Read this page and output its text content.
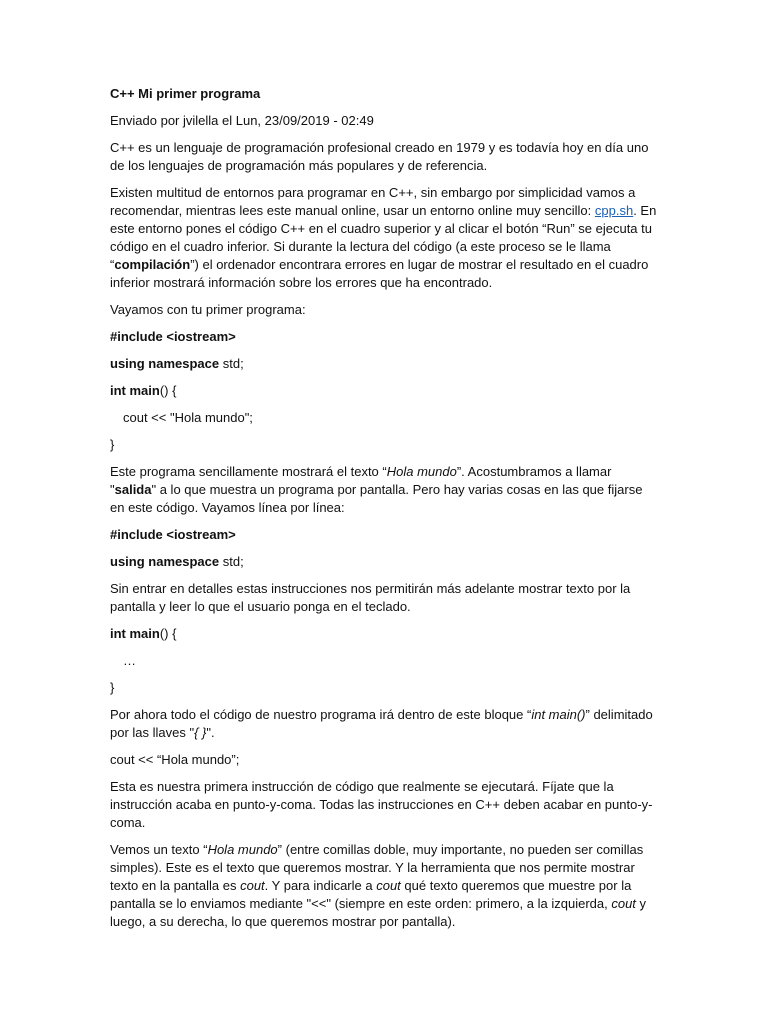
C++ Mi primer programa

Enviado por jvilella el Lun, 23/09/2019 - 02:49

C++ es un lenguaje de programación profesional creado en 1979 y es todavía hoy en día uno de los lenguajes de programación más populares y de referencia.

Existen multitud de entornos para programar en C++, sin embargo por simplicidad vamos a recomendar, mientras lees este manual online, usar un entorno online muy sencillo: cpp.sh. En este entorno pones el código C++ en el cuadro superior y al clicar el botón “Run” se ejecuta tu código en el cuadro inferior. Si durante la lectura del código (a este proceso se le llama “compilación”) el ordenador encontrara errores en lugar de mostrar el resultado en el cuadro inferior mostrará información sobre los errores que ha encontrado.

Vayamos con tu primer programa:

#include <iostream>

using namespace std;

int main() {

cout << "Hola mundo";

}

Este programa sencillamente mostrará el texto “Hola mundo”. Acostumbramos a llamar "salida" a lo que muestra un programa por pantalla. Pero hay varias cosas en las que fijarse en este código. Vayamos línea por línea:

#include <iostream>

using namespace std;

Sin entrar en detalles estas instrucciones nos permitirán más adelante mostrar texto por la pantalla y leer lo que el usuario ponga en el teclado.

int main() {

…

}

Por ahora todo el código de nuestro programa irá dentro de este bloque “int main()” delimitado por las llaves "{ }".

cout << “Hola mundo”;

Esta es nuestra primera instrucción de código que realmente se ejecutará. Fíjate que la instrucción acaba en punto-y-coma. Todas las instrucciones en C++ deben acabar en punto-y-coma.

Vemos un texto “Hola mundo” (entre comillas doble, muy importante, no pueden ser comillas simples). Este es el texto que queremos mostrar. Y la herramienta que nos permite mostrar texto en la pantalla es cout. Y para indicarle a cout qué texto queremos que muestre por la pantalla se lo enviamos mediante "<<" (siempre en este orden: primero, a la izquierda, cout y luego, a su derecha, lo que queremos mostrar por pantalla).
